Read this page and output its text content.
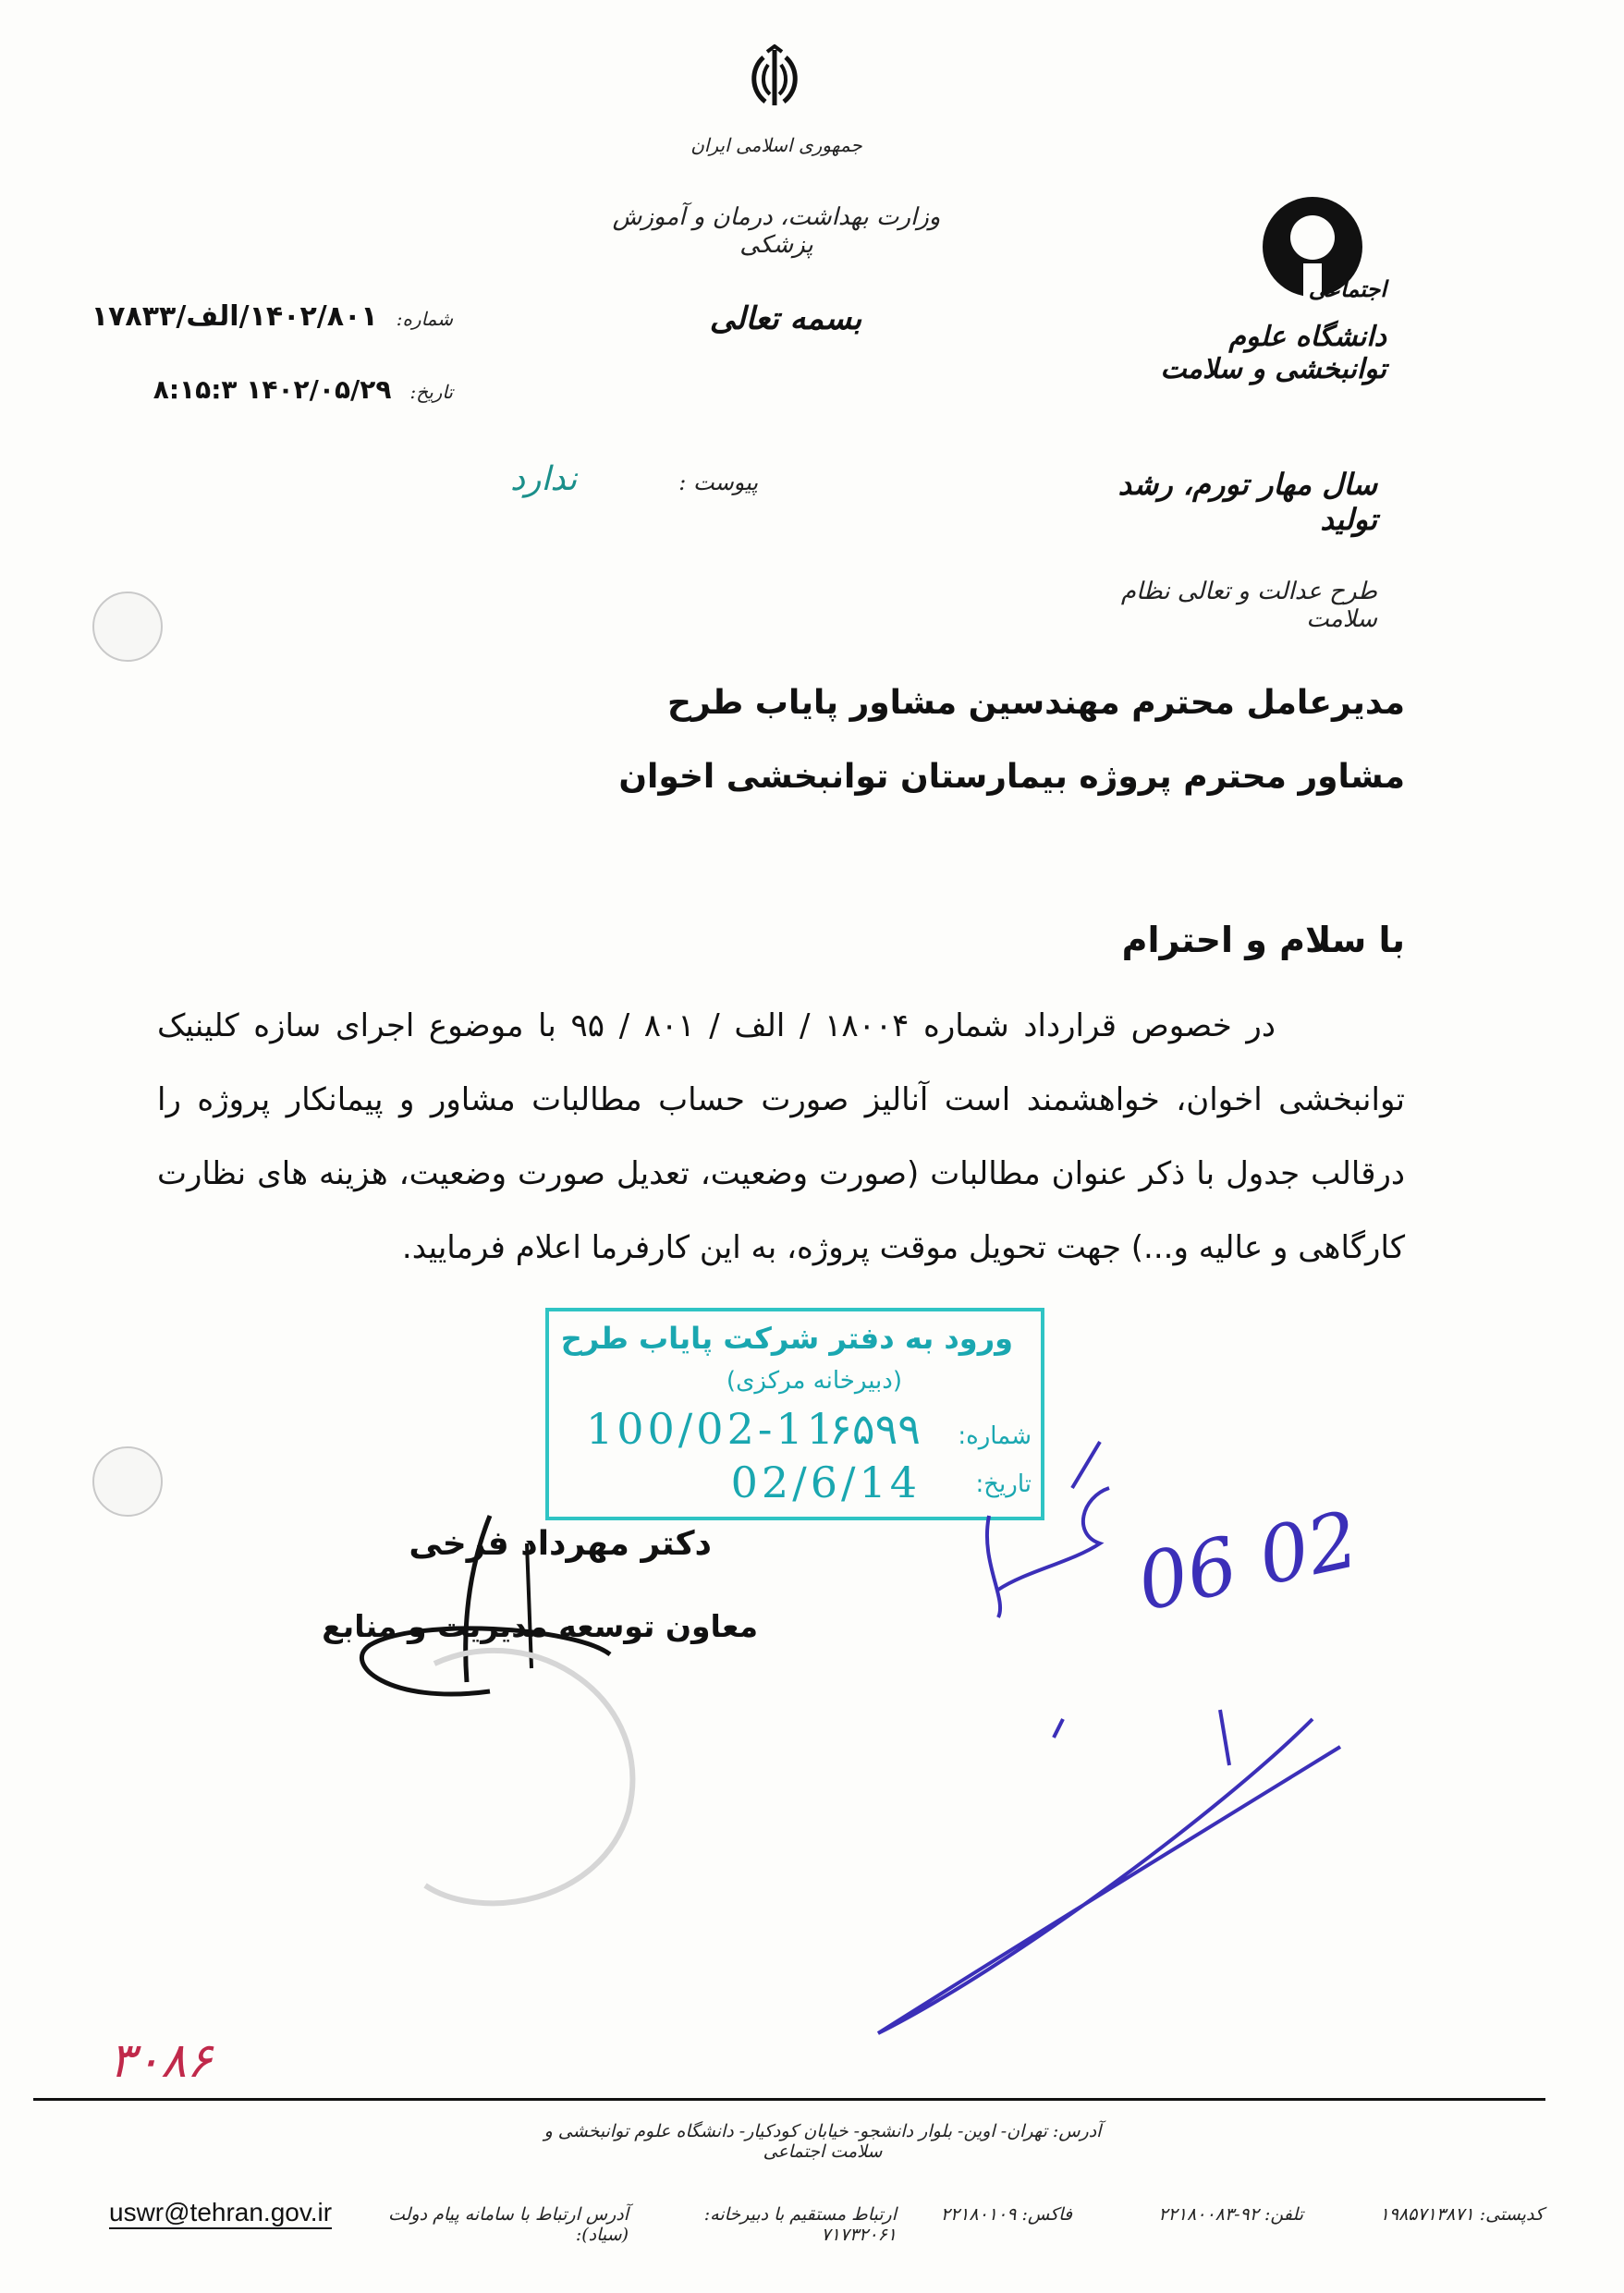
جمهوری اسلامی ایران
وزارت بهداشت، درمان و آموزش پزشکی
بسمه تعالی
اجتماعی
دانشگاه علوم توانبخشی و سلامت
سال مهار تورم، رشد تولید
طرح عدالت و تعالی نظام سلامت
شماره:
۱۴۰۲/۸۰۱/الف/۱۷۸۳۳
تاریخ:
۱۴۰۲/۰۵/۲۹ ۸:۱۵:۳
پیوست :
ندارد
مدیرعامل محترم مهندسین مشاور پایاب طرح
مشاور محترم پروژه بیمارستان توانبخشی اخوان
با سلام و احترام
در خصوص قرارداد شماره ۱۸۰۰۴ / الف / ۸۰۱ / ۹۵ با موضوع اجرای سازه کلینیک توانبخشی اخوان، خواهشمند است آنالیز صورت حساب مطالبات مشاور و پیمانکار پروژه را درقالب جدول با ذکر عنوان مطالبات (صورت وضعیت، تعدیل صورت وضعیت، هزینه های نظارت کارگاهی و عالیه و...) جهت تحویل موقت پروژه، به این کارفرما اعلام فرمایید.
دکتر مهرداد فرخی
معاون توسعه مدیریت و منابع
ورود به دفتر شرکت پایاب طرح
(دبیرخانه مرکزی)
شماره:
۶۵۹۹
100/02-11
تاریخ:
02/6/14
06 02
۳۰۸۶
آدرس: تهران- اوین- بلوار دانشجو- خیابان کودکیار- دانشگاه علوم توانبخشی و سلامت اجتماعی
کدپستی: ۱۹۸۵۷۱۳۸۷۱
تلفن: ۹۲-۲۲۱۸۰۰۸۳
فاکس: ۲۲۱۸۰۱۰۹
ارتباط مستقیم با دبیرخانه: ۷۱۷۳۲۰۶۱
آدرس ارتباط با سامانه پیام دولت (سیاد):
uswr@tehran.gov.ir
